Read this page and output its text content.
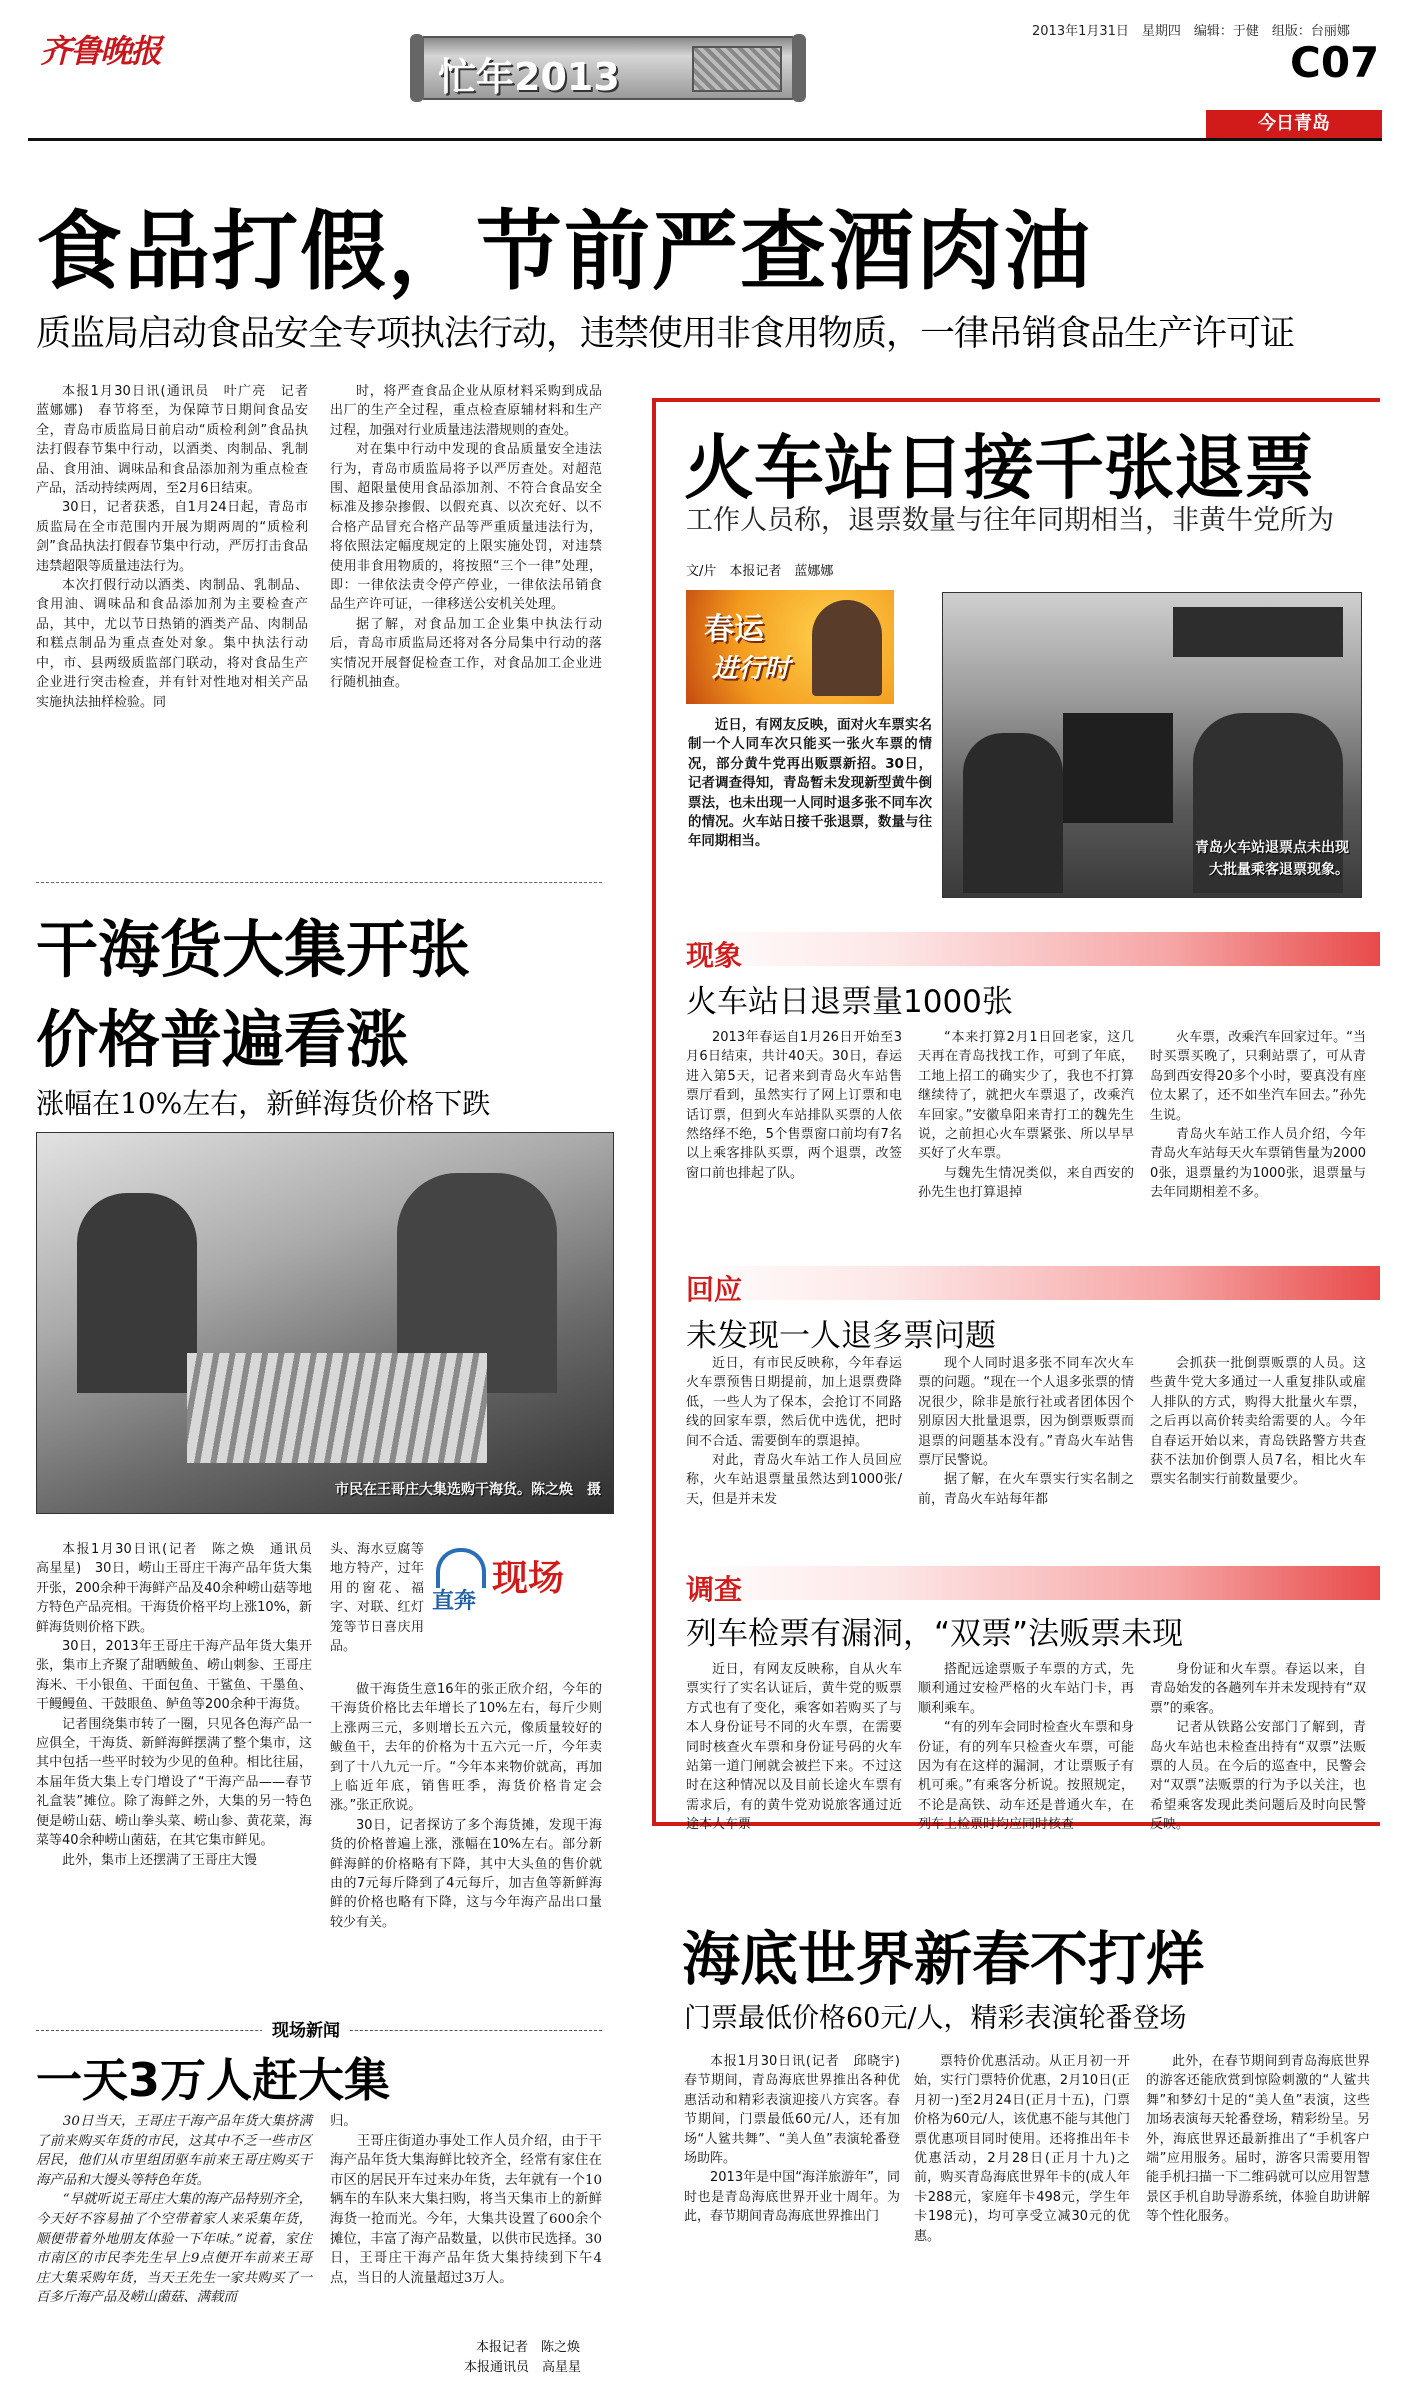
齐鲁晚报
忙年2013
2013年1月31日　星期四　编辑：于健　组版：台丽娜
C07
今日青岛
食品打假，节前严查酒肉油
质监局启动食品安全专项执法行动，违禁使用非食用物质，一律吊销食品生产许可证

本报1月30日讯(通讯员　叶广亮　记者　蓝娜娜)　春节将至，为保障节日期间食品安全，青岛市质监局日前启动“质检利剑”食品执法打假春节集中行动，以酒类、肉制品、乳制品、食用油、调味品和食品添加剂为重点检查产品，活动持续两周，至2月6日结束。

30日，记者获悉，自1月24日起，青岛市质监局在全市范围内开展为期两周的“质检利剑”食品执法打假春节集中行动，严厉打击食品违禁超限等质量违法行为。

本次打假行动以酒类、肉制品、乳制品、食用油、调味品和食品添加剂为主要检查产品，其中，尤以节日热销的酒类产品、肉制品和糕点制品为重点查处对象。集中执法行动中，市、县两级质监部门联动，将对食品生产企业进行突击检查，并有针对性地对相关产品实施执法抽样检验。同

时，将严查食品企业从原材料采购到成品出厂的生产全过程，重点检查原辅材料和生产过程，加强对行业质量违法潜规则的查处。

对在集中行动中发现的食品质量安全违法行为，青岛市质监局将予以严厉查处。对超范围、超限量使用食品添加剂、不符合食品安全标准及掺杂掺假、以假充真、以次充好、以不合格产品冒充合格产品等严重质量违法行为，将依照法定幅度规定的上限实施处罚，对违禁使用非食用物质的，将按照“三个一律”处理，即：一律依法责令停产停业，一律依法吊销食品生产许可证，一律移送公安机关处理。

据了解，对食品加工企业集中执法行动后，青岛市质监局还将对各分局集中行动的落实情况开展督促检查工作，对食品加工企业进行随机抽查。

火车站日接千张退票
工作人员称，退票数量与往年同期相当，非黄牛党所为
文/片　本报记者　蓝娜娜
春运
进行时

近日，有网友反映，面对火车票实名制一个人同车次只能买一张火车票的情况，部分黄牛党再出贩票新招。30日，记者调查得知，青岛暂未发现新型黄牛倒票法，也未出现一人同时退多张不同车次的情况。火车站日接千张退票，数量与往年同期相当。	青岛火车站退票点未出现
大批量乘客退票现象。
现象
火车站日退票量1000张

2013年春运自1月26日开始至3月6日结束，共计40天。30日，春运进入第5天，记者来到青岛火车站售票厅看到，虽然实行了网上订票和电话订票，但到火车站排队买票的人依然络绎不绝，5个售票窗口前均有7名以上乘客排队买票，两个退票，改签窗口前也排起了队。

“本来打算2月1日回老家，这几天再在青岛找找工作，可到了年底，工地上招工的确实少了，我也不打算继续待了，就把火车票退了，改乘汽车回家。”安徽阜阳来青打工的魏先生说，之前担心火车票紧张、所以早早买好了火车票。

与魏先生情况类似，来自西安的孙先生也打算退掉

火车票，改乘汽车回家过年。“当时买票买晚了，只剩站票了，可从青岛到西安得20多个小时，要真没有座位太累了，还不如坐汽车回去。”孙先生说。

青岛火车站工作人员介绍，今年青岛火车站每天火车票销售量为20000张，退票量约为1000张，退票量与去年同期相差不多。

回应
未发现一人退多票问题

近日，有市民反映称，今年春运火车票预售日期提前，加上退票费降低，一些人为了保本，会抢订不同路线的回家车票，然后优中选优，把时间不合适、需要倒车的票退掉。

对此，青岛火车站工作人员回应称，火车站退票量虽然达到1000张/天，但是并未发

现个人同时退多张不同车次火车票的问题。“现在一个人退多张票的情况很少，除非是旅行社或者团体因个别原因大批量退票，因为倒票贩票而退票的问题基本没有。”青岛火车站售票厅民警说。

据了解，在火车票实行实名制之前，青岛火车站每年都

会抓获一批倒票贩票的人员。这些黄牛党大多通过一人重复排队或雇人排队的方式，购得大批量火车票，之后再以高价转卖给需要的人。今年自春运开始以来，青岛铁路警方共查获不法加价倒票人员7名，相比火车票实名制实行前数量要少。

调查
列车检票有漏洞，“双票”法贩票未现

近日，有网友反映称，自从火车票实行了实名认证后，黄牛党的贩票方式也有了变化，乘客如若购买了与本人身份证号不同的火车票，在需要同时核查火车票和身份证号码的火车站第一道门闸就会被拦下来。不过这时在这种情况以及目前长途火车票有需求后，有的黄牛党劝说旅客通过近途本人车票

搭配远途票贩子车票的方式，先顺利通过安检严格的火车站门卡，再顺利乘车。

“有的列车会同时检查火车票和身份证，有的列车只检查火车票，可能因为有在这样的漏洞，才让票贩子有机可乘。”有乘客分析说。按照规定，不论是高铁、动车还是普通火车，在列车上检票时均应同时核查

身份证和火车票。春运以来，自青岛始发的各趟列车并未发现持有“双票”的乘客。

记者从铁路公安部门了解到，青岛火车站也未检查出持有“双票”法贩票的人员。在今后的巡查中，民警会对“双票”法贩票的行为予以关注，也希望乘客发现此类问题后及时向民警反映。

干海货大集开张
价格普遍看涨
涨幅在10%左右，新鲜海货价格下跌
市民在王哥庄大集选购干海货。陈之焕　摄

本报1月30日讯(记者　陈之焕　通讯员　高星星)　30日，崂山王哥庄干海产品年货大集开张，200余种干海鲜产品及40余种崂山菇等地方特色产品亮相。干海货价格平均上涨10%，新鲜海货则价格下跌。

30日，2013年王哥庄干海产品年货大集开张，集市上齐聚了甜晒鲅鱼、崂山刺参、王哥庄海米、干小银鱼、干面包鱼、干鲨鱼、干墨鱼、干鳗鳗鱼、干鼓眼鱼、鲈鱼等200余种干海货。

记者围绕集市转了一圈，只见各色海产品一应俱全，干海货、新鲜海鲜摆满了整个集市，这其中包括一些平时较为少见的鱼种。相比往届，本届年货大集上专门增设了“干海产品——春节礼盒装”摊位。除了海鲜之外，大集的另一特色便是崂山菇、崂山拳头菜、崂山参、黄花菜，海菜等40余种崂山菌菇，在其它集市鲜见。

此外，集市上还摆满了王哥庄大馒

直奔
现场

头、海水豆腐等地方特产，过年用的窗花、福字、对联、红灯笼等节日喜庆用品。

做干海货生意16年的张正欣介绍，今年的干海货价格比去年增长了10%左右，每斤少则上涨两三元，多则增长五六元，像质量较好的鲅鱼干，去年的价格为十五六元一斤，今年卖到了十八九元一斤。“今年本来物价就高，再加上临近年底，销售旺季，海货价格肯定会涨。”张正欣说。

30日，记者探访了多个海货摊，发现干海货的价格普遍上涨，涨幅在10%左右。部分新鲜海鲜的价格略有下降，其中大头鱼的售价就由的7元每斤降到了4元每斤，加吉鱼等新鲜海鲜的价格也略有下降，这与今年海产品出口量较少有关。

现场新闻
一天3万人赶大集

30日当天，王哥庄干海产品年货大集挤满了前来购买年货的市民，这其中不乏一些市区居民，他们从市里组团驱车前来王哥庄购买干海产品和大馒头等特色年货。

“早就听说王哥庄大集的海产品特别齐全，今天好不容易抽了个空带着家人来采集年货，顺便带着外地朋友体验一下年味。”说着，家住市南区的市民李先生早上9点便开车前来王哥庄大集采购年货，当天王先生一家共购买了一百多斤海产品及崂山菌菇、满载而

归。

王哥庄街道办事处工作人员介绍，由于干海产品年货大集海鲜比较齐全，经常有家住在市区的居民开车过来办年货，去年就有一个10辆车的车队来大集扫购，将当天集市上的新鲜海货一抢而光。今年，大集共设置了600余个摊位，丰富了海产品数量，以供市民选择。30日，王哥庄干海产品年货大集持续到下午4点，当日的人流量超过3万人。

本报记者　陈之焕
本报通讯员　高星星
海底世界新春不打烊
门票最低价格60元/人，精彩表演轮番登场

本报1月30日讯(记者　邱晓宇)　春节期间，青岛海底世界推出各种优惠活动和精彩表演迎接八方宾客。春节期间，门票最低60元/人，还有加场“人鲨共舞”、“美人鱼”表演轮番登场助阵。

2013年是中国“海洋旅游年”，同时也是青岛海底世界开业十周年。为此，春节期间青岛海底世界推出门

票特价优惠活动。从正月初一开始，实行门票特价优惠，2月10日(正月初一)至2月24日(正月十五)，门票价格为60元/人，该优惠不能与其他门票优惠项目同时使用。还将推出年卡优惠活动，2月28日(正月十九)之前，购买青岛海底世界年卡的(成人年卡288元，家庭年卡498元，学生年卡198元)，均可享受立减30元的优惠。

此外，在春节期间到青岛海底世界的游客还能欣赏到惊险刺激的“人鲨共舞”和梦幻十足的“美人鱼”表演，这些加场表演每天轮番登场，精彩纷呈。另外，海底世界还最新推出了“手机客户端”应用服务。届时，游客只需要用智能手机扫描一下二维码就可以应用智慧景区手机自助导游系统，体验自助讲解等个性化服务。
